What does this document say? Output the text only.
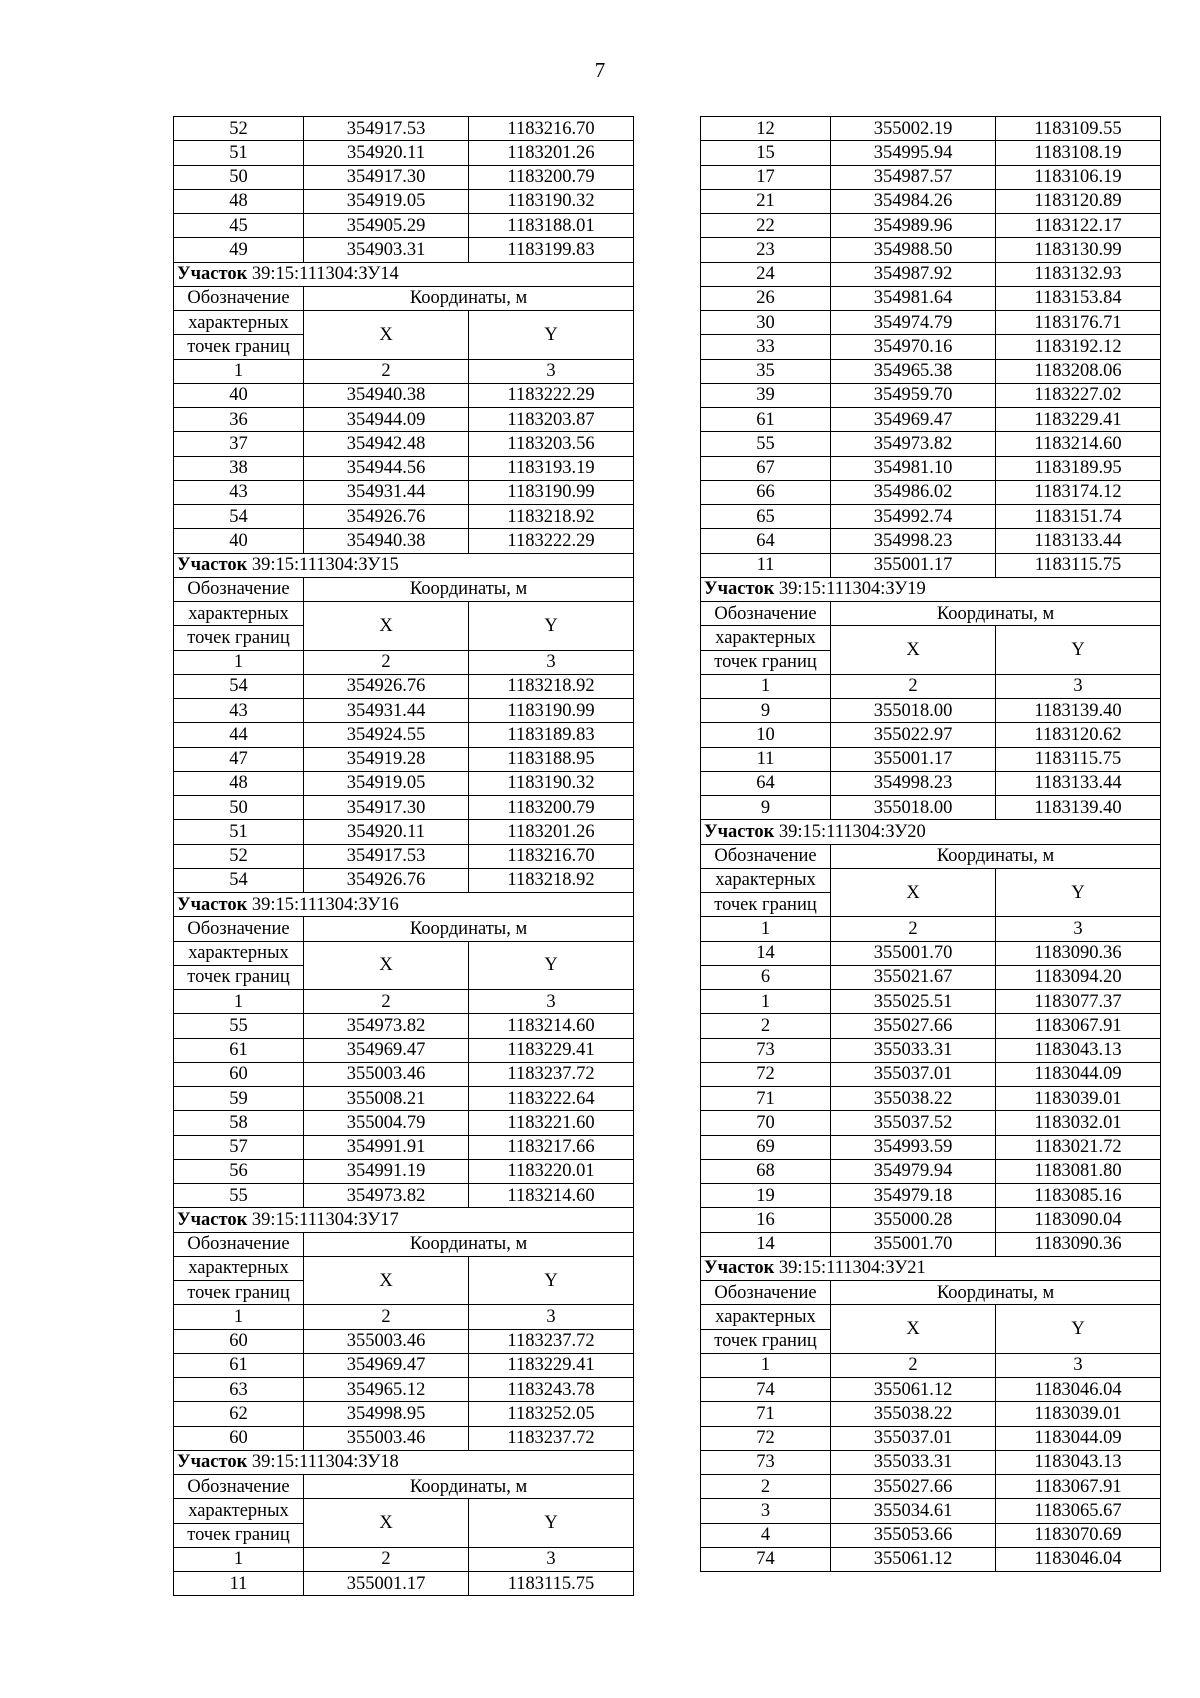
7
52	354917.53	1183216.70
51	354920.11	1183201.26
50	354917.30	1183200.79
48	354919.05	1183190.32
45	354905.29	1183188.01
49	354903.31	1183199.83
Участок 39:15:111304:ЗУ14		
Обозначение	Координаты, м	
характерных	X	Y
точек границ		
1	2	3
40	354940.38	1183222.29
36	354944.09	1183203.87
37	354942.48	1183203.56
38	354944.56	1183193.19
43	354931.44	1183190.99
54	354926.76	1183218.92
40	354940.38	1183222.29
Участок 39:15:111304:ЗУ15		
Обозначение	Координаты, м	
характерных	X	Y
точек границ		
1	2	3
54	354926.76	1183218.92
43	354931.44	1183190.99
44	354924.55	1183189.83
47	354919.28	1183188.95
48	354919.05	1183190.32
50	354917.30	1183200.79
51	354920.11	1183201.26
52	354917.53	1183216.70
54	354926.76	1183218.92
Участок 39:15:111304:ЗУ16		
Обозначение	Координаты, м	
характерных	X	Y
точек границ		
1	2	3
55	354973.82	1183214.60
61	354969.47	1183229.41
60	355003.46	1183237.72
59	355008.21	1183222.64
58	355004.79	1183221.60
57	354991.91	1183217.66
56	354991.19	1183220.01
55	354973.82	1183214.60
Участок 39:15:111304:ЗУ17		
Обозначение	Координаты, м	
характерных	X	Y
точек границ		
1	2	3
60	355003.46	1183237.72
61	354969.47	1183229.41
63	354965.12	1183243.78
62	354998.95	1183252.05
60	355003.46	1183237.72
Участок 39:15:111304:ЗУ18		
Обозначение	Координаты, м	
характерных	X	Y
точек границ		
1	2	3
11	355001.17	1183115.75
12	355002.19	1183109.55
15	354995.94	1183108.19
17	354987.57	1183106.19
21	354984.26	1183120.89
22	354989.96	1183122.17
23	354988.50	1183130.99
24	354987.92	1183132.93
26	354981.64	1183153.84
30	354974.79	1183176.71
33	354970.16	1183192.12
35	354965.38	1183208.06
39	354959.70	1183227.02
61	354969.47	1183229.41
55	354973.82	1183214.60
67	354981.10	1183189.95
66	354986.02	1183174.12
65	354992.74	1183151.74
64	354998.23	1183133.44
11	355001.17	1183115.75
Участок 39:15:111304:ЗУ19		
Обозначение	Координаты, м	
характерных	X	Y
точек границ		
1	2	3
9	355018.00	1183139.40
10	355022.97	1183120.62
11	355001.17	1183115.75
64	354998.23	1183133.44
9	355018.00	1183139.40
Участок 39:15:111304:ЗУ20		
Обозначение	Координаты, м	
характерных	X	Y
точек границ		
1	2	3
14	355001.70	1183090.36
6	355021.67	1183094.20
1	355025.51	1183077.37
2	355027.66	1183067.91
73	355033.31	1183043.13
72	355037.01	1183044.09
71	355038.22	1183039.01
70	355037.52	1183032.01
69	354993.59	1183021.72
68	354979.94	1183081.80
19	354979.18	1183085.16
16	355000.28	1183090.04
14	355001.70	1183090.36
Участок 39:15:111304:ЗУ21		
Обозначение	Координаты, м	
характерных	X	Y
точек границ		
1	2	3
74	355061.12	1183046.04
71	355038.22	1183039.01
72	355037.01	1183044.09
73	355033.31	1183043.13
2	355027.66	1183067.91
3	355034.61	1183065.67
4	355053.66	1183070.69
74	355061.12	1183046.04
